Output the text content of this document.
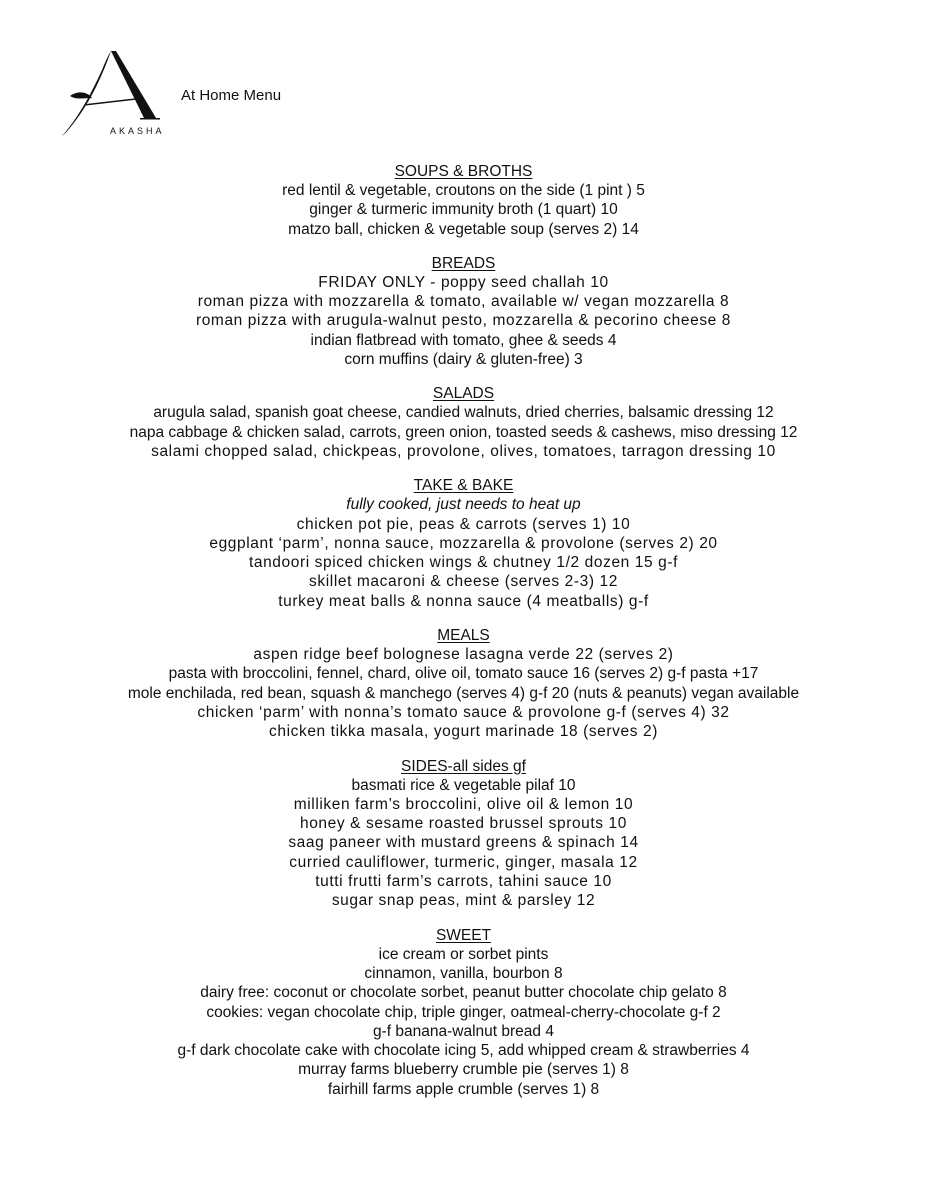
AKASHA
At Home Menu
SOUPS & BROTHS
red lentil & vegetable, croutons on the side (1 pint ) 5
ginger & turmeric immunity broth (1 quart) 10
matzo ball, chicken & vegetable soup (serves 2) 14
BREADS
FRIDAY ONLY - poppy seed challah 10
roman pizza with mozzarella & tomato, available w/ vegan mozzarella 8
roman pizza with arugula-walnut pesto, mozzarella & pecorino cheese 8
indian flatbread with tomato, ghee & seeds 4
corn muffins (dairy & gluten-free) 3
SALADS
arugula salad, spanish goat cheese, candied walnuts, dried cherries, balsamic dressing 12
napa cabbage & chicken salad, carrots, green onion, toasted seeds & cashews, miso dressing 12
salami chopped salad, chickpeas, provolone, olives, tomatoes, tarragon dressing 10
TAKE & BAKE
fully cooked, just needs to heat up
chicken pot pie, peas & carrots (serves 1) 10
eggplant ‘parm’, nonna sauce, mozzarella & provolone (serves 2) 20
tandoori spiced chicken wings & chutney 1/2 dozen 15 g-f
skillet macaroni & cheese (serves 2-3) 12
turkey meat balls & nonna sauce (4 meatballs) g-f
MEALS
aspen ridge beef bolognese lasagna verde 22 (serves 2)
pasta with broccolini, fennel, chard, olive oil, tomato sauce 16 (serves 2) g-f pasta +17
mole enchilada, red bean, squash & manchego (serves 4) g-f 20 (nuts & peanuts) vegan available
chicken ‘parm’ with nonna’s tomato sauce & provolone g-f (serves 4) 32
chicken tikka masala, yogurt marinade 18 (serves 2)
SIDES-all sides gf
basmati rice & vegetable pilaf 10
milliken farm’s broccolini, olive oil & lemon 10
honey & sesame roasted brussel sprouts 10
saag paneer with mustard greens & spinach 14
curried cauliflower, turmeric, ginger, masala 12
tutti frutti farm’s carrots, tahini sauce 10
sugar snap peas, mint & parsley 12
SWEET
ice cream or sorbet pints
cinnamon, vanilla, bourbon 8
dairy free: coconut or chocolate sorbet, peanut butter chocolate chip gelato 8
cookies: vegan chocolate chip, triple ginger, oatmeal-cherry-chocolate g-f 2
g-f banana-walnut bread 4
g-f dark chocolate cake with chocolate icing 5, add whipped cream & strawberries 4
murray farms blueberry crumble pie (serves 1) 8
fairhill farms apple crumble (serves 1) 8
